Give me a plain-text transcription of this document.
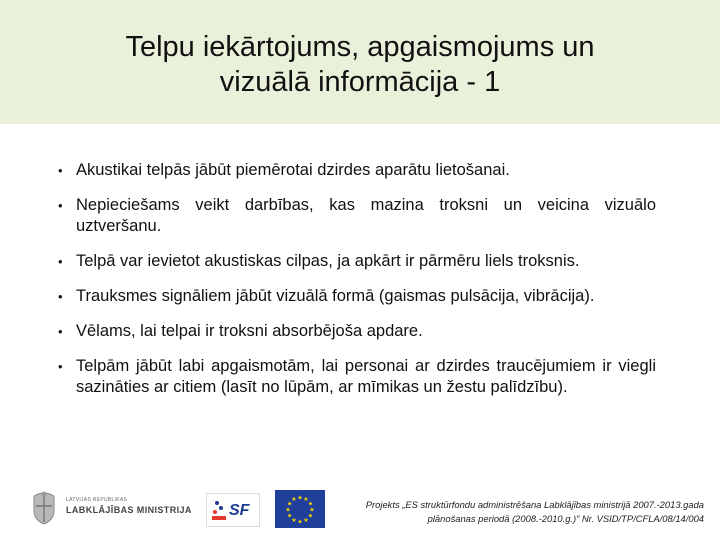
Telpu iekārtojums, apgaismojums un
vizuālā informācija - 1
• Akustikai telpās jābūt piemērotai dzirdes aparātu lietošanai.
• Nepieciešams veikt darbības, kas mazina troksni un veicina vizuālo uztveršanu.
• Telpā var ievietot akustiskas cilpas, ja apkārt ir pārmēru liels troksnis.
• Trauksmes signāliem jābūt vizuālā formā (gaismas pulsācija, vibrācija).
• Vēlams, lai telpai ir troksni absorbējoša apdare.
• Telpām jābūt labi apgaismotām, lai personai ar dzirdes traucējumiem ir viegli sazināties ar citiem (lasīt no lūpām, ar mīmikas un žestu palīdzību).
LATVIJAS REPUBLIKAS
LABKLĀJĪBAS MINISTRIJA SF
★ ★
★
★
★
★
★
★
★
★
★
★	Projekts „ES struktūrfondu administrēšana Labklājības ministrijā 2007.-2013.gada
plānošanas periodā (2008.-2010.g.)” Nr. VSID/TP/CFLA/08/14/004
